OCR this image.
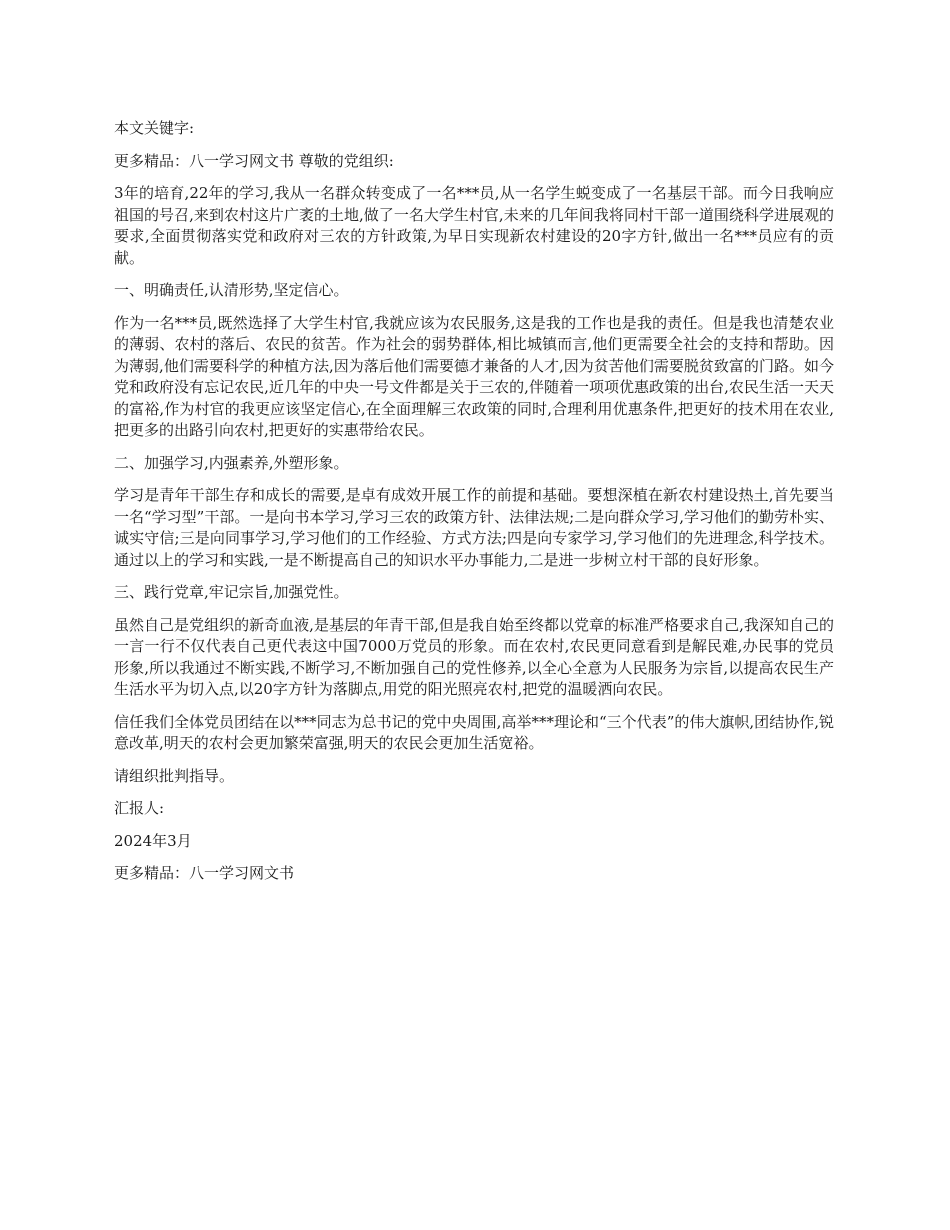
本文关键字:

更多精品：八一学习网文书 尊敬的党组织:

3年的培育,22年的学习,我从一名群众转变成了一名***员,从一名学生蜕变成了一名基层干部。而今日我响应祖国的号召,来到农村这片广袤的土地,做了一名大学生村官,未来的几年间我将同村干部一道围绕科学进展观的要求,全面贯彻落实党和政府对三农的方针政策,为早日实现新农村建设的20字方针,做出一名***员应有的贡献。

一、明确责任,认清形势,坚定信心。

作为一名***员,既然选择了大学生村官,我就应该为农民服务,这是我的工作也是我的责任。但是我也清楚农业的薄弱、农村的落后、农民的贫苦。作为社会的弱势群体,相比城镇而言,他们更需要全社会的支持和帮助。因为薄弱,他们需要科学的种植方法,因为落后他们需要德才兼备的人才,因为贫苦他们需要脱贫致富的门路。如今党和政府没有忘记农民,近几年的中央一号文件都是关于三农的,伴随着一项项优惠政策的出台,农民生活一天天的富裕,作为村官的我更应该坚定信心,在全面理解三农政策的同时,合理利用优惠条件,把更好的技术用在农业,把更多的出路引向农村,把更好的实惠带给农民。

二、加强学习,内强素养,外塑形象。

学习是青年干部生存和成长的需要,是卓有成效开展工作的前提和基础。要想深植在新农村建设热土,首先要当一名“学习型”干部。一是向书本学习,学习三农的政策方针、法律法规;二是向群众学习,学习他们的勤劳朴实、诚实守信;三是向同事学习,学习他们的工作经验、方式方法;四是向专家学习,学习他们的先进理念,科学技术。通过以上的学习和实践,一是不断提高自己的知识水平办事能力,二是进一步树立村干部的良好形象。

三、践行党章,牢记宗旨,加强党性。

虽然自己是党组织的新奇血液,是基层的年青干部,但是我自始至终都以党章的标准严格要求自己,我深知自己的一言一行不仅代表自己更代表这中国7000万党员的形象。而在农村,农民更同意看到是解民难,办民事的党员形象,所以我通过不断实践,不断学习,不断加强自己的党性修养,以全心全意为人民服务为宗旨,以提高农民生产生活水平为切入点,以20字方针为落脚点,用党的阳光照亮农村,把党的温暖洒向农民。

信任我们全体党员团结在以***同志为总书记的党中央周围,高举***理论和“三个代表”的伟大旗帜,团结协作,锐意改革,明天的农村会更加繁荣富强,明天的农民会更加生活宽裕。

请组织批判指导。

汇报人:

2024年3月

更多精品：八一学习网文书
